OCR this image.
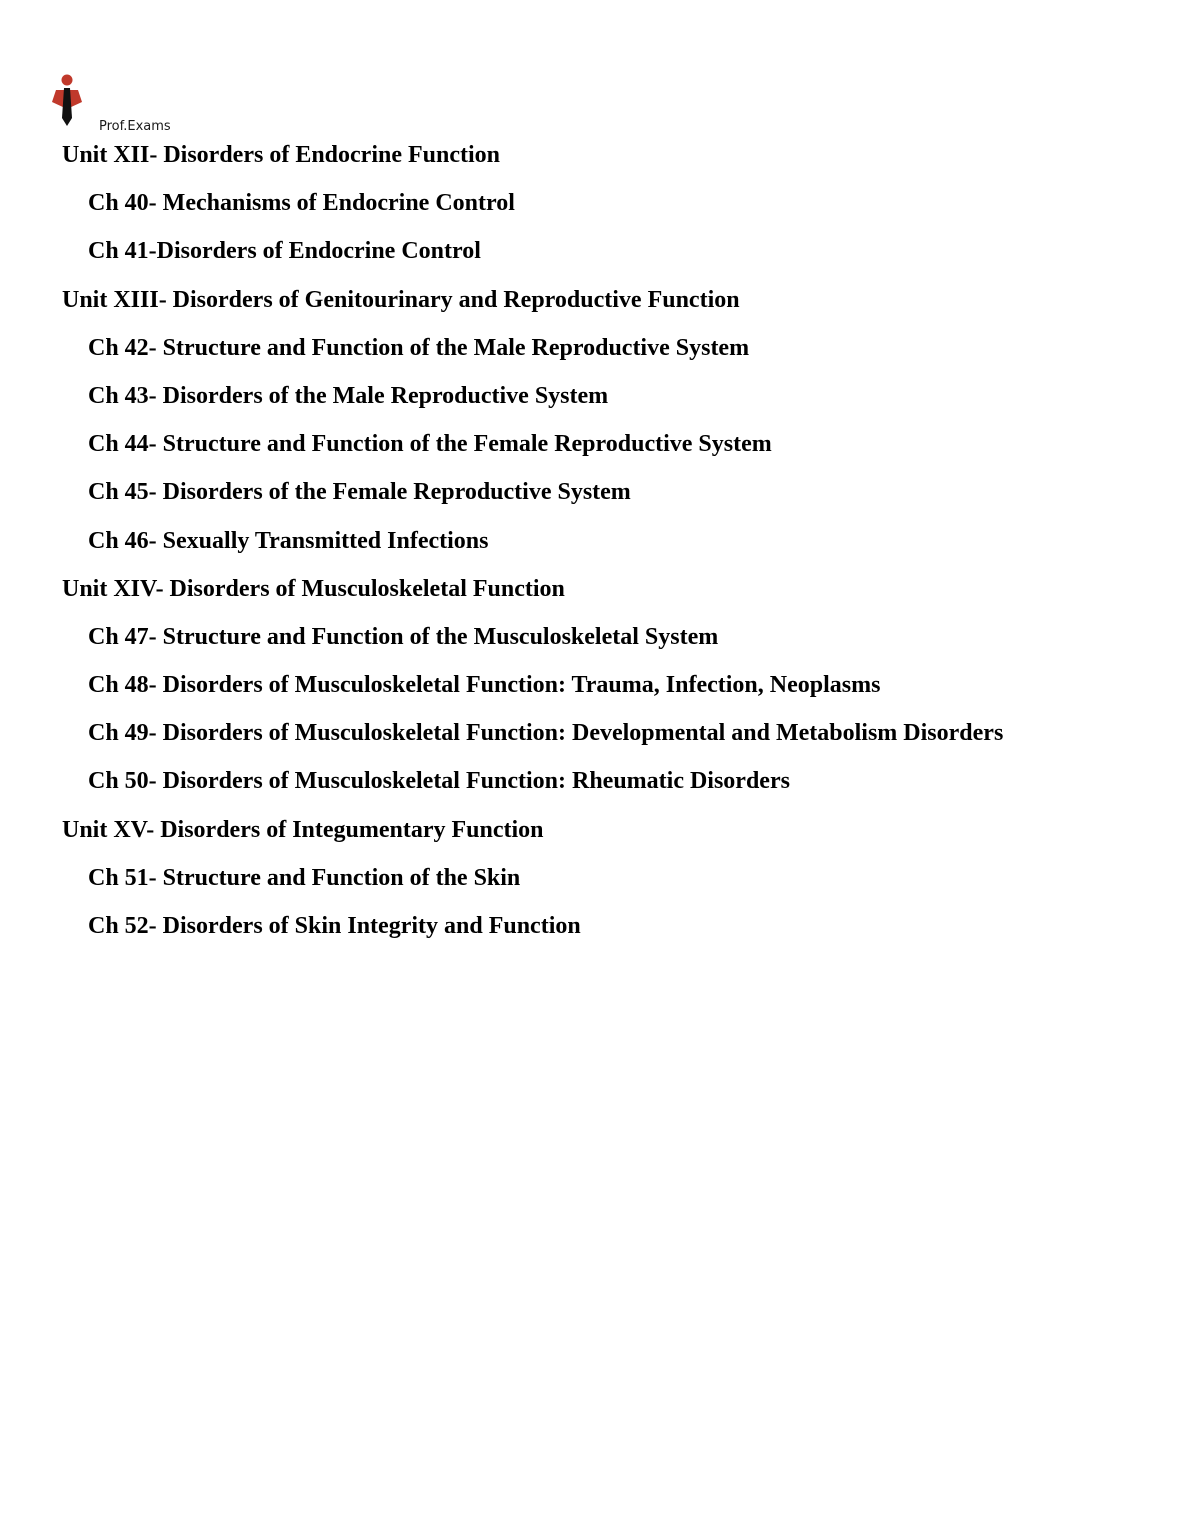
Prof.Exams
Unit XII- Disorders of Endocrine Function
Ch 40- Mechanisms of Endocrine Control
Ch 41-Disorders of Endocrine Control
Unit XIII- Disorders of Genitourinary and Reproductive Function
Ch 42- Structure and Function of the Male Reproductive System
Ch 43- Disorders of the Male Reproductive System
Ch 44- Structure and Function of the Female Reproductive System
Ch 45- Disorders of the Female Reproductive System
Ch 46- Sexually Transmitted Infections
Unit XIV- Disorders of Musculoskeletal Function
Ch 47- Structure and Function of the Musculoskeletal System
Ch 48- Disorders of Musculoskeletal Function: Trauma, Infection, Neoplasms
Ch 49- Disorders of Musculoskeletal Function: Developmental and Metabolism Disorders
Ch 50- Disorders of Musculoskeletal Function: Rheumatic Disorders
Unit XV- Disorders of Integumentary Function
Ch 51- Structure and Function of the Skin
Ch 52- Disorders of Skin Integrity and Function
